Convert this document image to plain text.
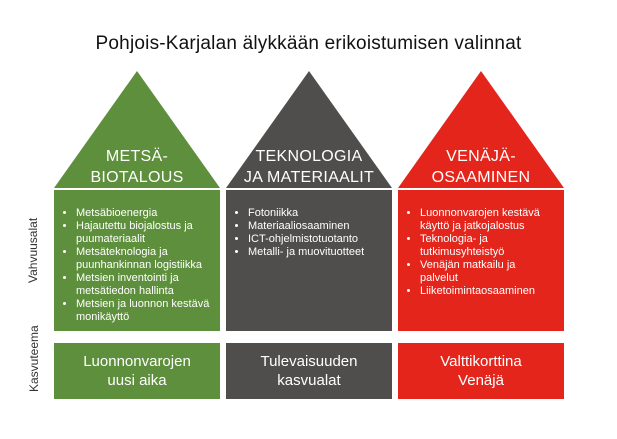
Pohjois-Karjalan älykkään erikoistumisen valinnat
Vahvuusalat
Kasvuteema
METSÄ-
BIOTALOUS
• Metsäbioenergia
• Hajautettu biojalostus ja puumateriaalit
• Metsäteknologia ja puunhankinnan logistiikka
• Metsien inventointi ja metsätiedon hallinta
• Metsien ja luonnon kestävä monikäyttö
Luonnonvarojen
uusi aika
TEKNOLOGIA
JA MATERIAALIT
• Fotoniikka
• Materiaaliosaaminen
• ICT-ohjelmistotuotanto
• Metalli- ja muovituotteet
Tulevaisuuden
kasvualat
VENÄJÄ-
OSAAMINEN
• Luonnonvarojen kestävä käyttö ja jatkojalostus
• Teknologia- ja tutkimusyhteistyö
• Venäjän matkailu ja palvelut
• Liiketoimintaosaaminen
Valttikorttina
Venäjä
